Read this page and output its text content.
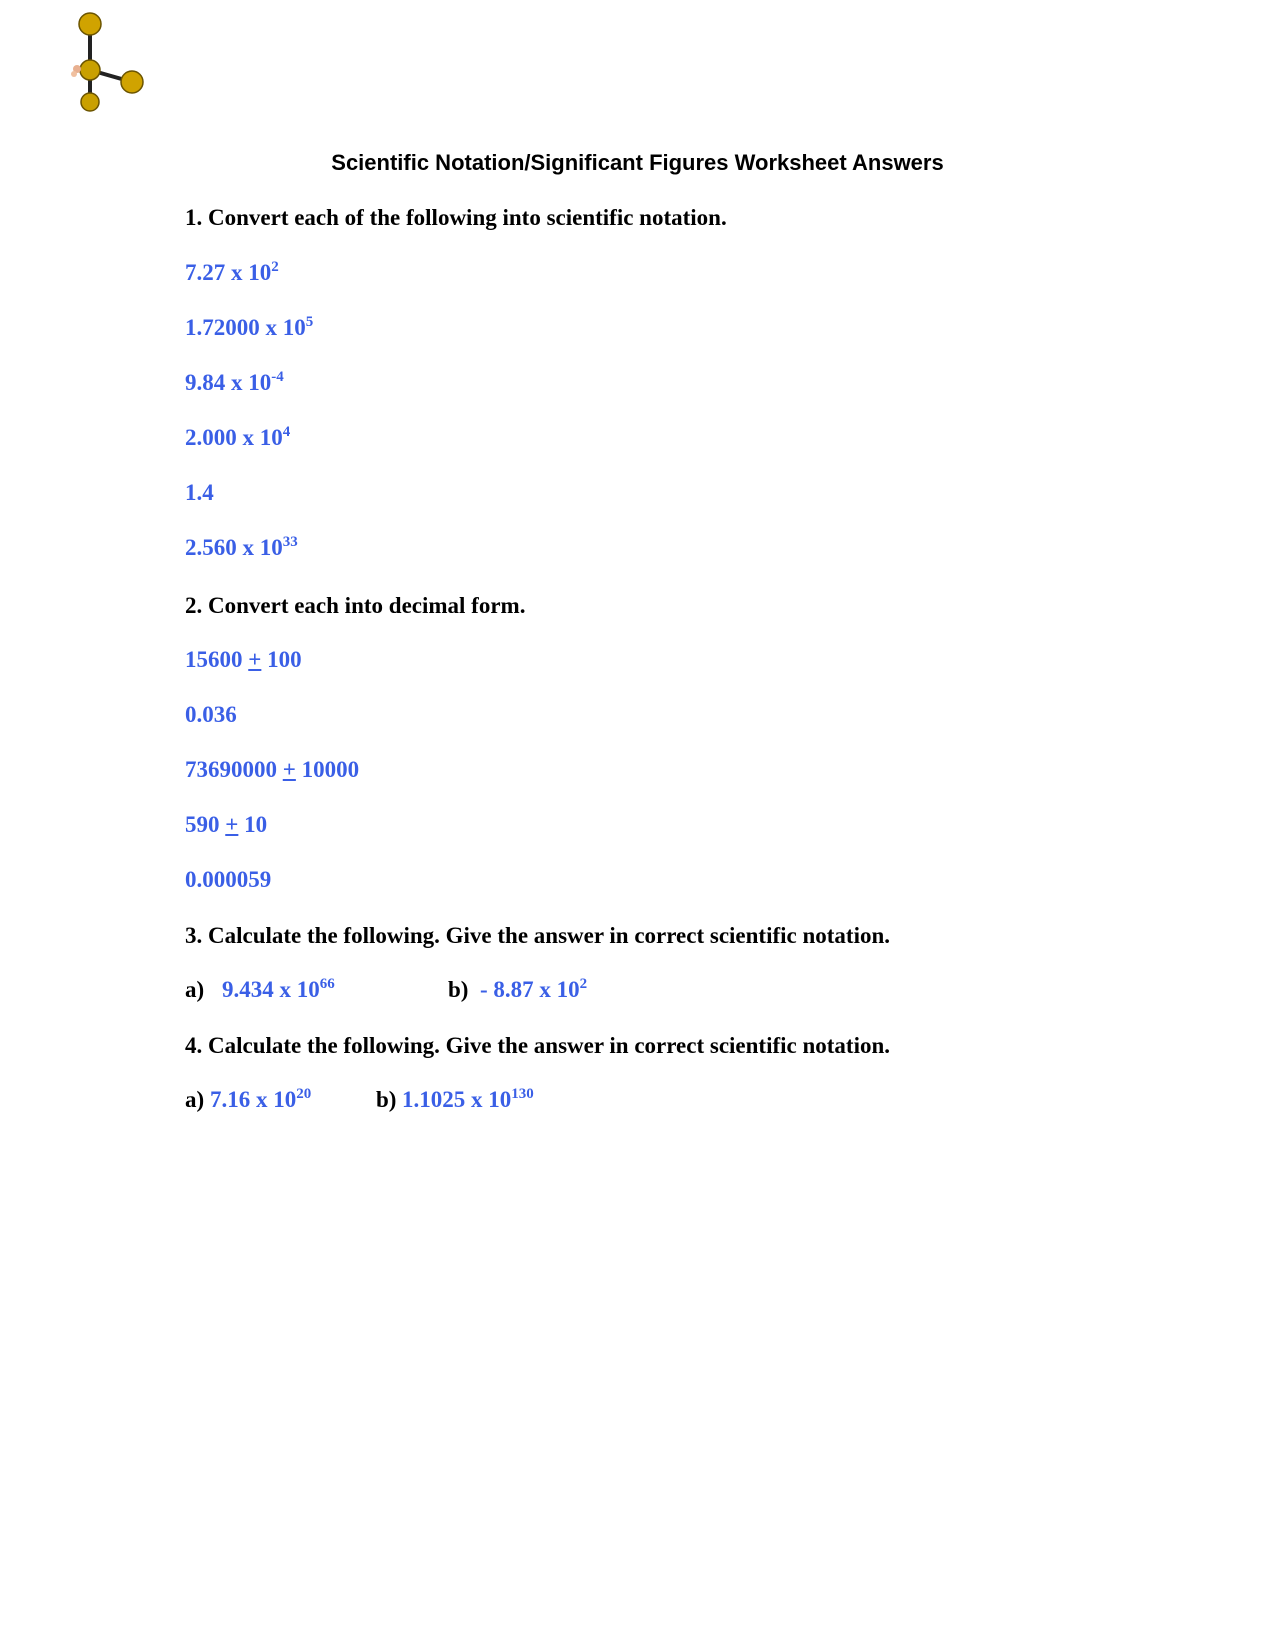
Scientific Notation/Significant Figures Worksheet Answers
1. Convert each of the following into scientific notation.
7.27 x $10^2$
1.72000 x $10^5$
9.84 x $10^{-4}$
2.000 x $10^4$
1.4
2.560 x $10^{33}$
2. Convert each into decimal form.
15600 + 100
0.036
73690000 + 10000
590 + 10
0.000059
3. Calculate the following. Give the answer in correct scientific notation.
a) 9.434 x $10^{66}$	b) - 8.87 x $10^2$
4. Calculate the following. Give the answer in correct scientific notation.
a) 7.16 x $10^{20}$	b) 1.1025 x $10^{130}$
